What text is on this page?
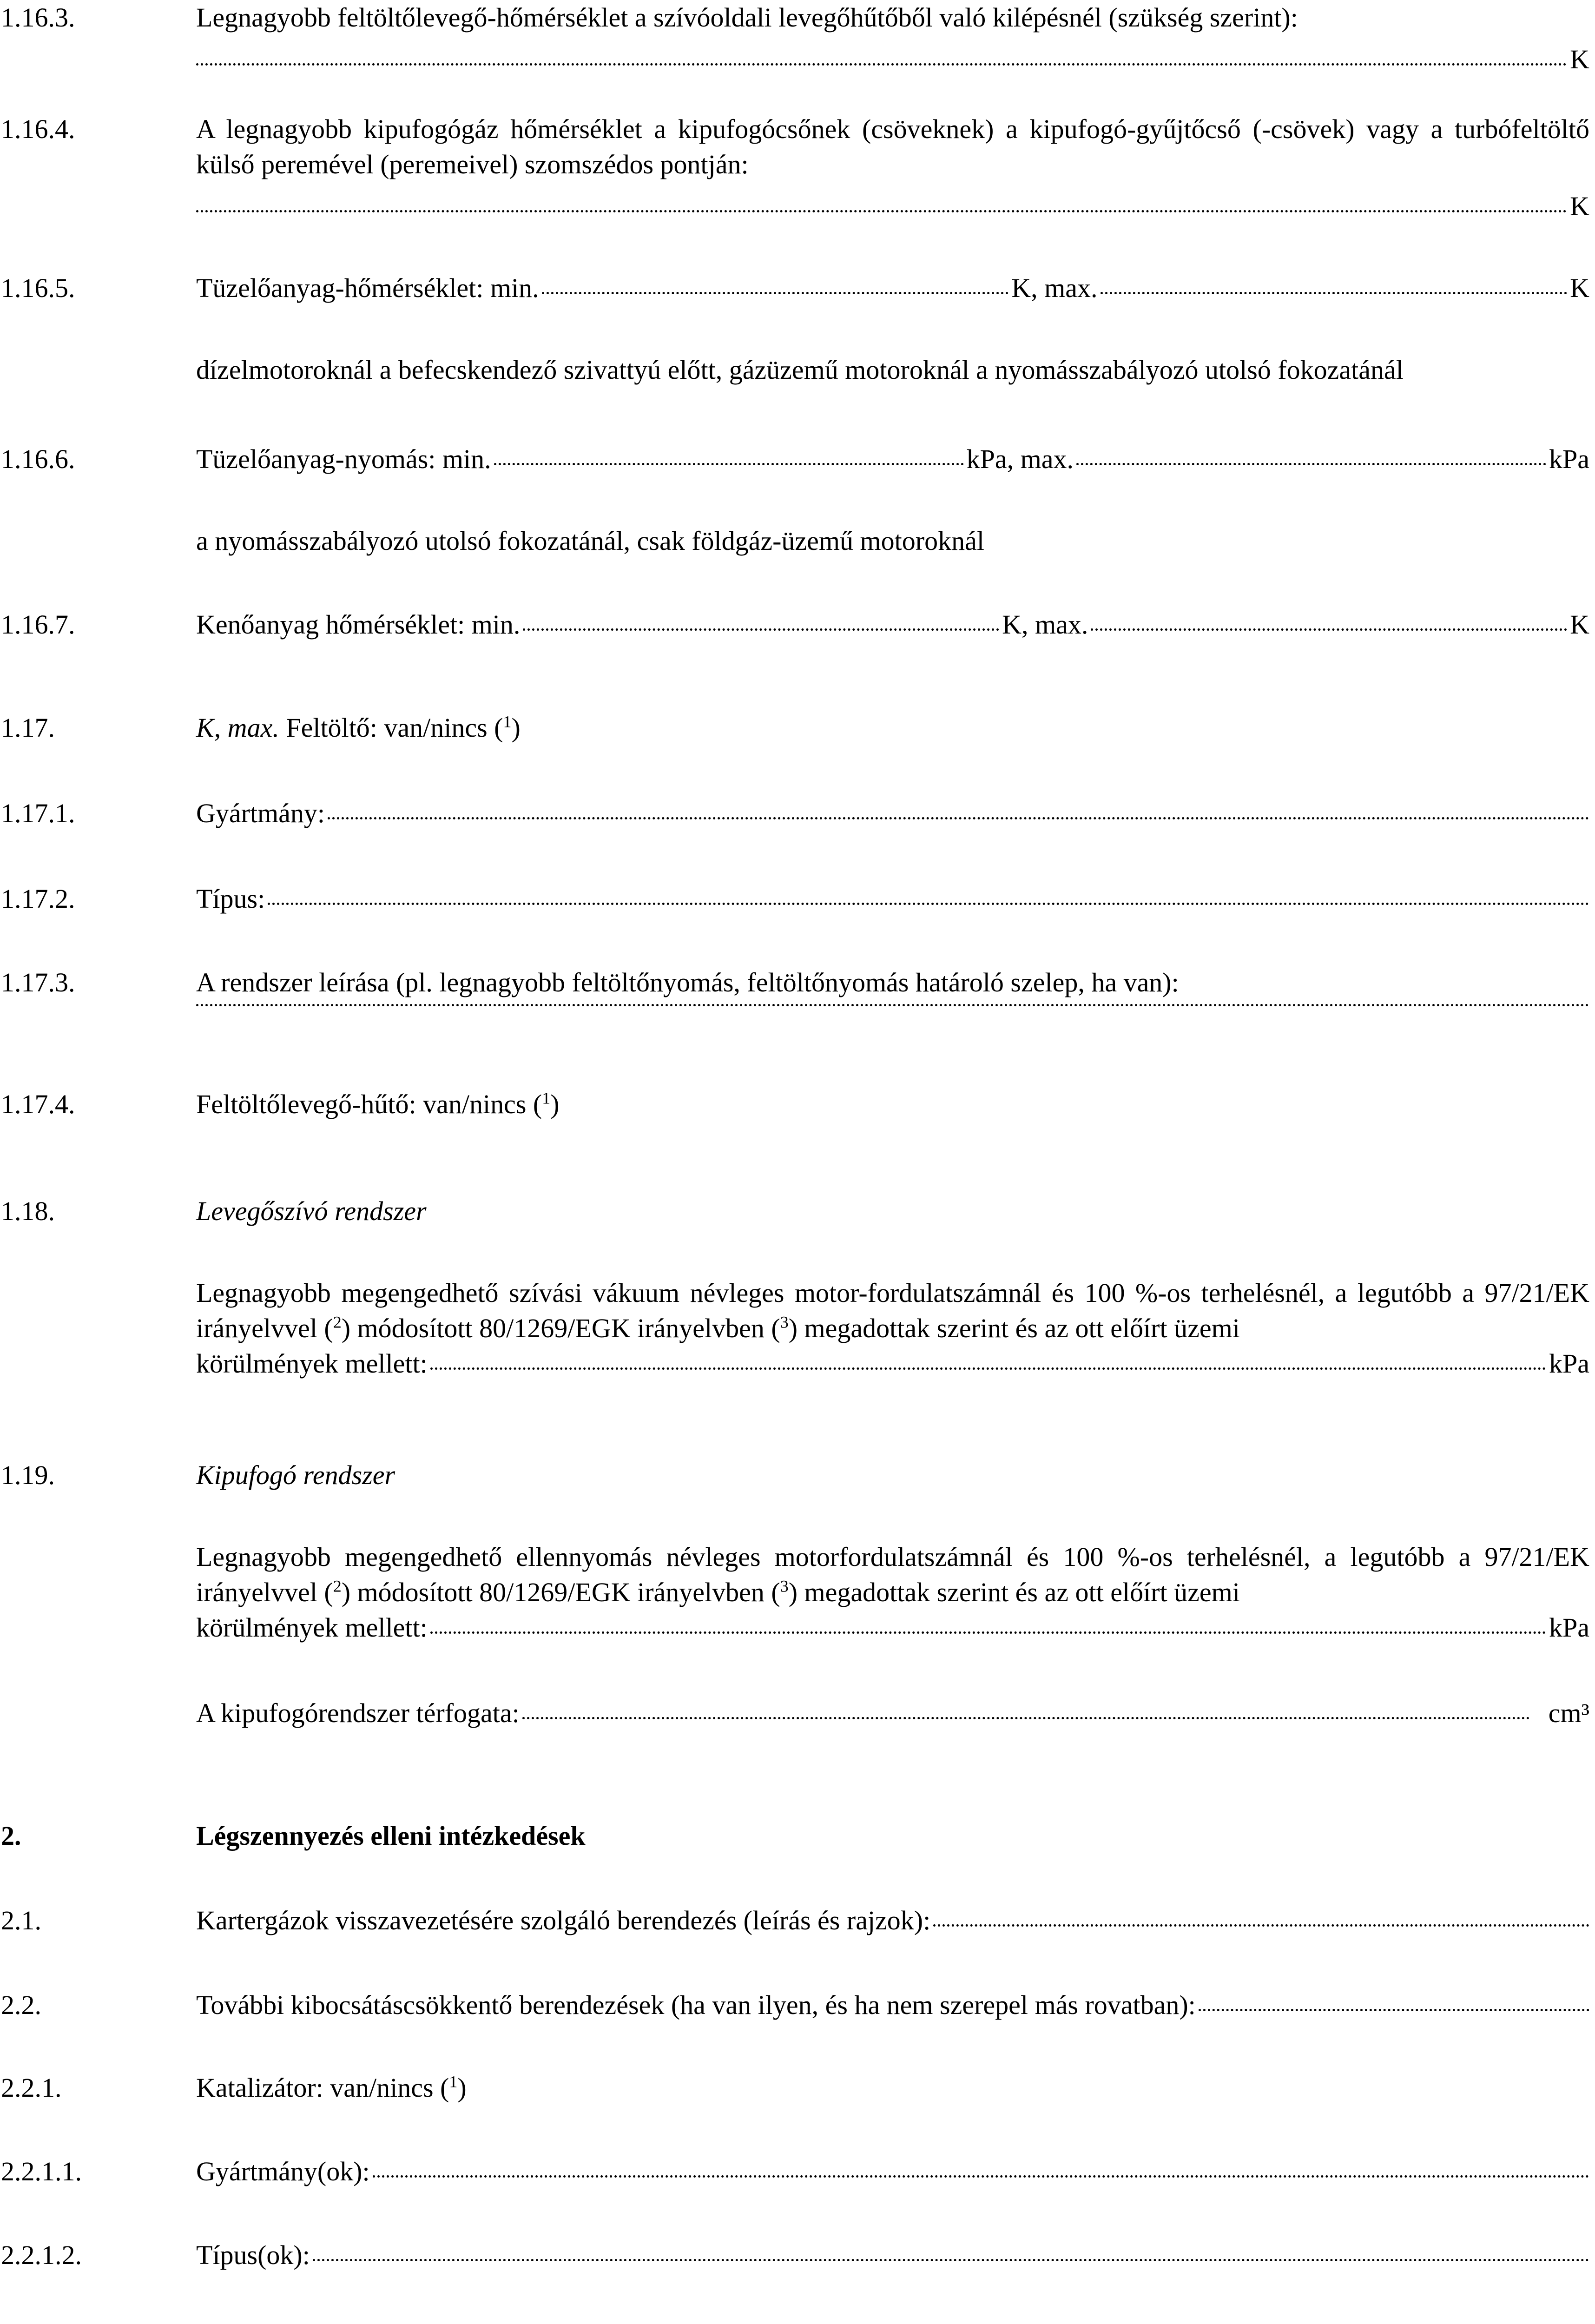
1.16.3.	Legnagyobb feltöltőlevegő-hőmérséklet a szívóoldali levegőhűtőből való kilépésnél (szükség szerint):
K
1.16.4.	A legnagyobb kipufogógáz hőmérséklet a kipufogócsőnek (csöveknek) a kipufogó-gyűjtőcső (-csövek) vagy a turbófeltöltő külső peremével (peremeivel) szomszédos pontján:
K
1.16.5.	Tüzelőanyag-hőmérséklet: min.	K, max.	K
dízelmotoroknál a befecskendező szivattyú előtt, gázüzemű motoroknál a nyomásszabályozó utolsó fokozatánál
1.16.6.	Tüzelőanyag-nyomás: min.	kPa, max.	kPa
a nyomásszabályozó utolsó fokozatánál, csak földgáz-üzemű motoroknál
1.16.7.	Kenőanyag hőmérséklet: min.	K, max.	K
1.17.	K, max. Feltöltő: van/nincs ($^1$)
1.17.1.	Gyártmány:
1.17.2.	Típus:
1.17.3.	A rendszer leírása (pl. legnagyobb feltöltőnyomás, feltöltőnyomás határoló szelep, ha van):
1.17.4.	Feltöltőlevegő-hűtő: van/nincs ($^1$)
1.18.	Levegőszívó rendszer
Legnagyobb megengedhető szívási vákuum névleges motor-fordulatszámnál és 100 %-os terhelésnél, a legutóbb a 97/21/EK irányelvvel ($^2$) módosított 80/1269/EGK irányelvben ($^3$) megadottak szerint és az ott előírt üzemi
körülmények mellett:	kPa
1.19.	Kipufogó rendszer
Legnagyobb megengedhető ellennyomás névleges motorfordulatszámnál és 100 %-os terhelésnél, a legutóbb a 97/21/EK irányelvvel ($^2$) módosított 80/1269/EGK irányelvben ($^3$) megadottak szerint és az ott előírt üzemi
körülmények mellett:	kPa
A kipufogórendszer térfogata:	cm³
2.	Légszennyezés elleni intézkedések
2.1.	Kartergázok visszavezetésére szolgáló berendezés (leírás és rajzok):
2.2.	További kibocsátáscsökkentő berendezések (ha van ilyen, és ha nem szerepel más rovatban):
2.2.1.	Katalizátor: van/nincs ($^1$)
2.2.1.1.	Gyártmány(ok):
2.2.1.2.	Típus(ok):
